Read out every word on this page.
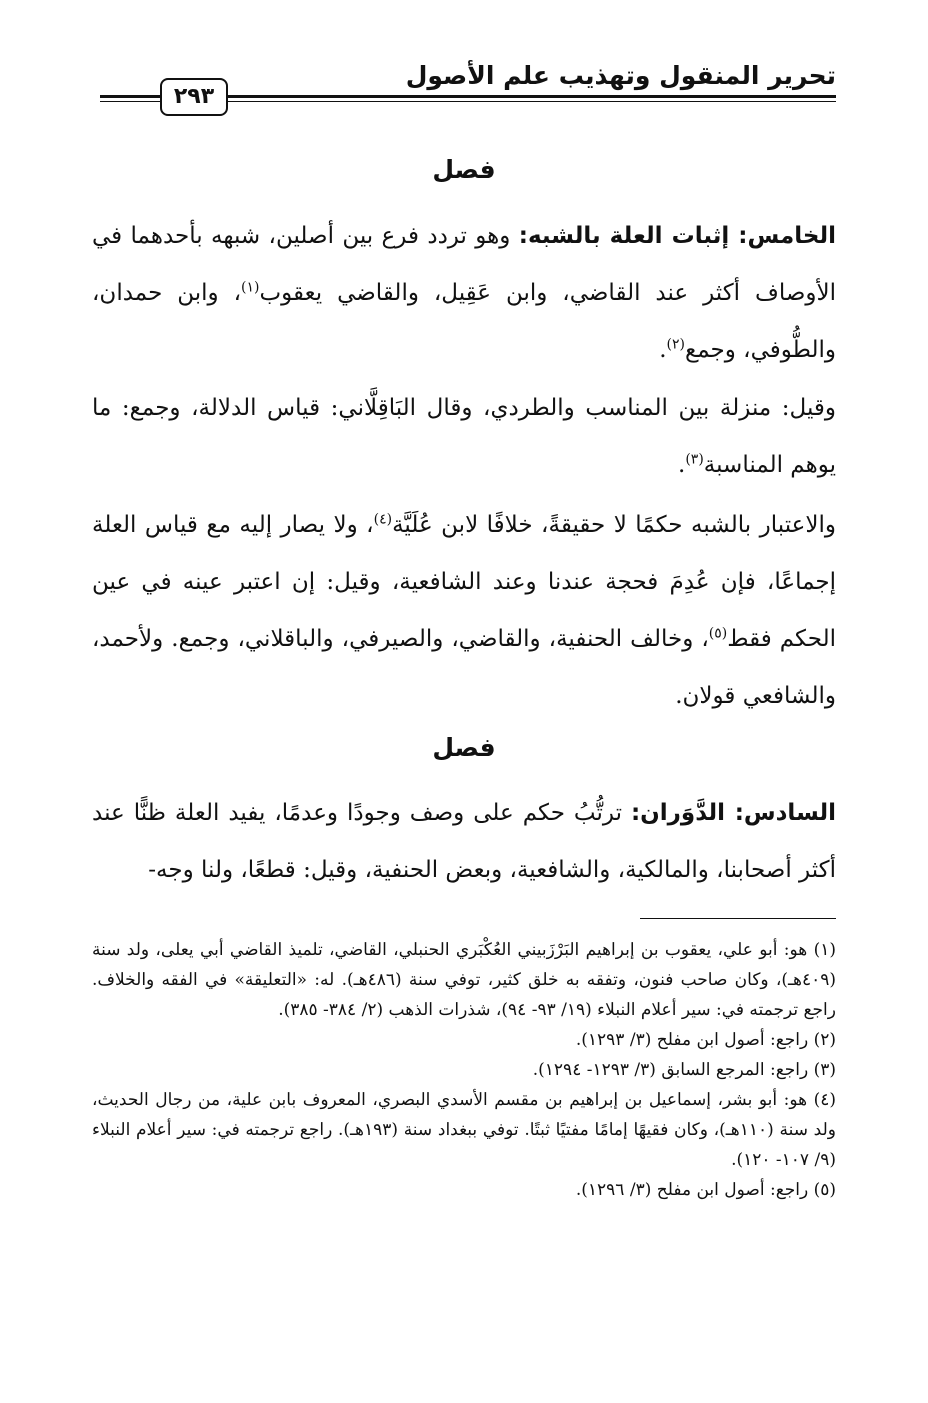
تحرير المنقول وتهذيب علم الأصول
٢٩٣
فصل

الخامس: إثبات العلة بالشبه: وهو تردد فرع بين أصلين، شبهه بأحدهما في الأوصاف أكثر عند القاضي، وابن عَقِيل، والقاضي يعقوب$^{(١)}$، وابن حمدان، والطُّوفي، وجمع$^{(٢)}$.

وقيل: منزلة بين المناسب والطردي، وقال البَاقِلَّاني: قياس الدلالة، وجمع: ما يوهم المناسبة$^{(٣)}$.

والاعتبار بالشبه حكمًا لا حقيقةً، خلافًا لابن عُلَيَّة$^{(٤)}$، ولا يصار إليه مع قياس العلة إجماعًا، فإن عُدِمَ فحجة عندنا وعند الشافعية، وقيل: إن اعتبر عينه في عين الحكم فقط$^{(٥)}$، وخالف الحنفية، والقاضي، والصيرفي، والباقلاني، وجمع. ولأحمد، والشافعي قولان.

فصل

السادس: الدَّوَران: ترتُّبُ حكم على وصف وجودًا وعدمًا، يفيد العلة ظنًّا عند أكثر أصحابنا، والمالكية، والشافعية، وبعض الحنفية، وقيل: قطعًا، ولنا وجه-

(١) هو: أبو علي، يعقوب بن إبراهيم البَرْزَبيني العُكْبَري الحنبلي، القاضي، تلميذ القاضي أبي يعلى، ولد سنة (٤٠٩هـ)، وكان صاحب فنون، وتفقه به خلق كثير، توفي سنة (٤٨٦هـ). له: «التعليقة» في الفقه والخلاف. راجع ترجمته في: سير أعلام النبلاء (١٩/ ٩٣- ٩٤)، شذرات الذهب (٢/ ٣٨٤- ٣٨٥).

(٢) راجع: أصول ابن مفلح (٣/ ١٢٩٣).

(٣) راجع: المرجع السابق (٣/ ١٢٩٣- ١٢٩٤).

(٤) هو: أبو بشر، إسماعيل بن إبراهيم بن مقسم الأسدي البصري، المعروف بابن علية، من رجال الحديث، ولد سنة (١١٠هـ)، وكان فقيهًا إمامًا مفتيًا ثبتًا. توفي ببغداد سنة (١٩٣هـ). راجع ترجمته في: سير أعلام النبلاء (٩/ ١٠٧- ١٢٠).

(٥) راجع: أصول ابن مفلح (٣/ ١٢٩٦).
